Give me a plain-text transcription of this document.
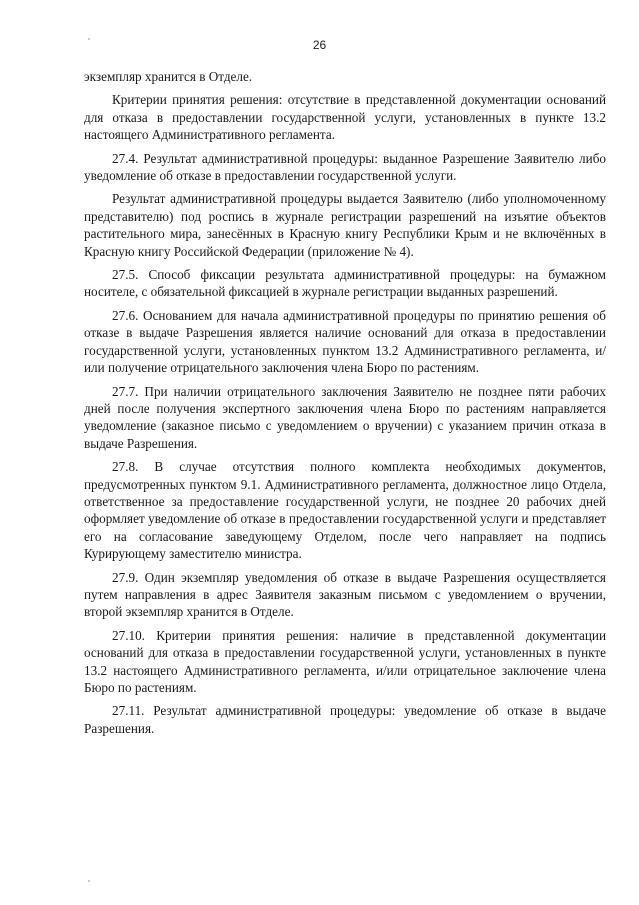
26

экземпляр хранится в Отделе.

Критерии принятия решения: отсутствие в представленной документации оснований для отказа в предоставлении государственной услуги, установленных в пункте 13.2 настоящего Административного регламента.

27.4. Результат административной процедуры: выданное Разрешение Заявителю либо уведомление об отказе в предоставлении государственной услуги.

Результат административной процедуры выдается Заявителю (либо уполномоченному представителю) под роспись в журнале регистрации разрешений на изъятие объектов растительного мира, занесённых в Красную книгу Республики Крым и не включённых в Красную книгу Российской Федерации (приложение № 4).

27.5. Способ фиксации результата административной процедуры: на бумажном носителе, с обязательной фиксацией в журнале регистрации выданных разрешений.

27.6. Основанием для начала административной процедуры по принятию решения об отказе в выдаче Разрешения является наличие оснований для отказа в предоставлении государственной услуги, установленных пунктом 13.2 Административного регламента, и/или получение отрицательного заключения члена Бюро по растениям.

27.7. При наличии отрицательного заключения Заявителю не позднее пяти рабочих дней после получения экспертного заключения члена Бюро по растениям направляется уведомление (заказное письмо с уведомлением о вручении) с указанием причин отказа в выдаче Разрешения.

27.8. В случае отсутствия полного комплекта необходимых документов, предусмотренных пунктом 9.1. Административного регламента, должностное лицо Отдела, ответственное за предоставление государственной услуги, не позднее 20 рабочих дней оформляет уведомление об отказе в предоставлении государственной услуги и представляет его на согласование заведующему Отделом, после чего направляет на подпись Курирующему заместителю министра.

27.9. Один экземпляр уведомления об отказе в выдаче Разрешения осуществляется путем направления в адрес Заявителя заказным письмом с уведомлением о вручении, второй экземпляр хранится в Отделе.

27.10. Критерии принятия решения: наличие в представленной документации оснований для отказа в предоставлении государственной услуги, установленных в пункте 13.2 настоящего Административного регламента, и/или отрицательное заключение члена Бюро по растениям.

27.11. Результат административной процедуры: уведомление об отказе в выдаче Разрешения.
